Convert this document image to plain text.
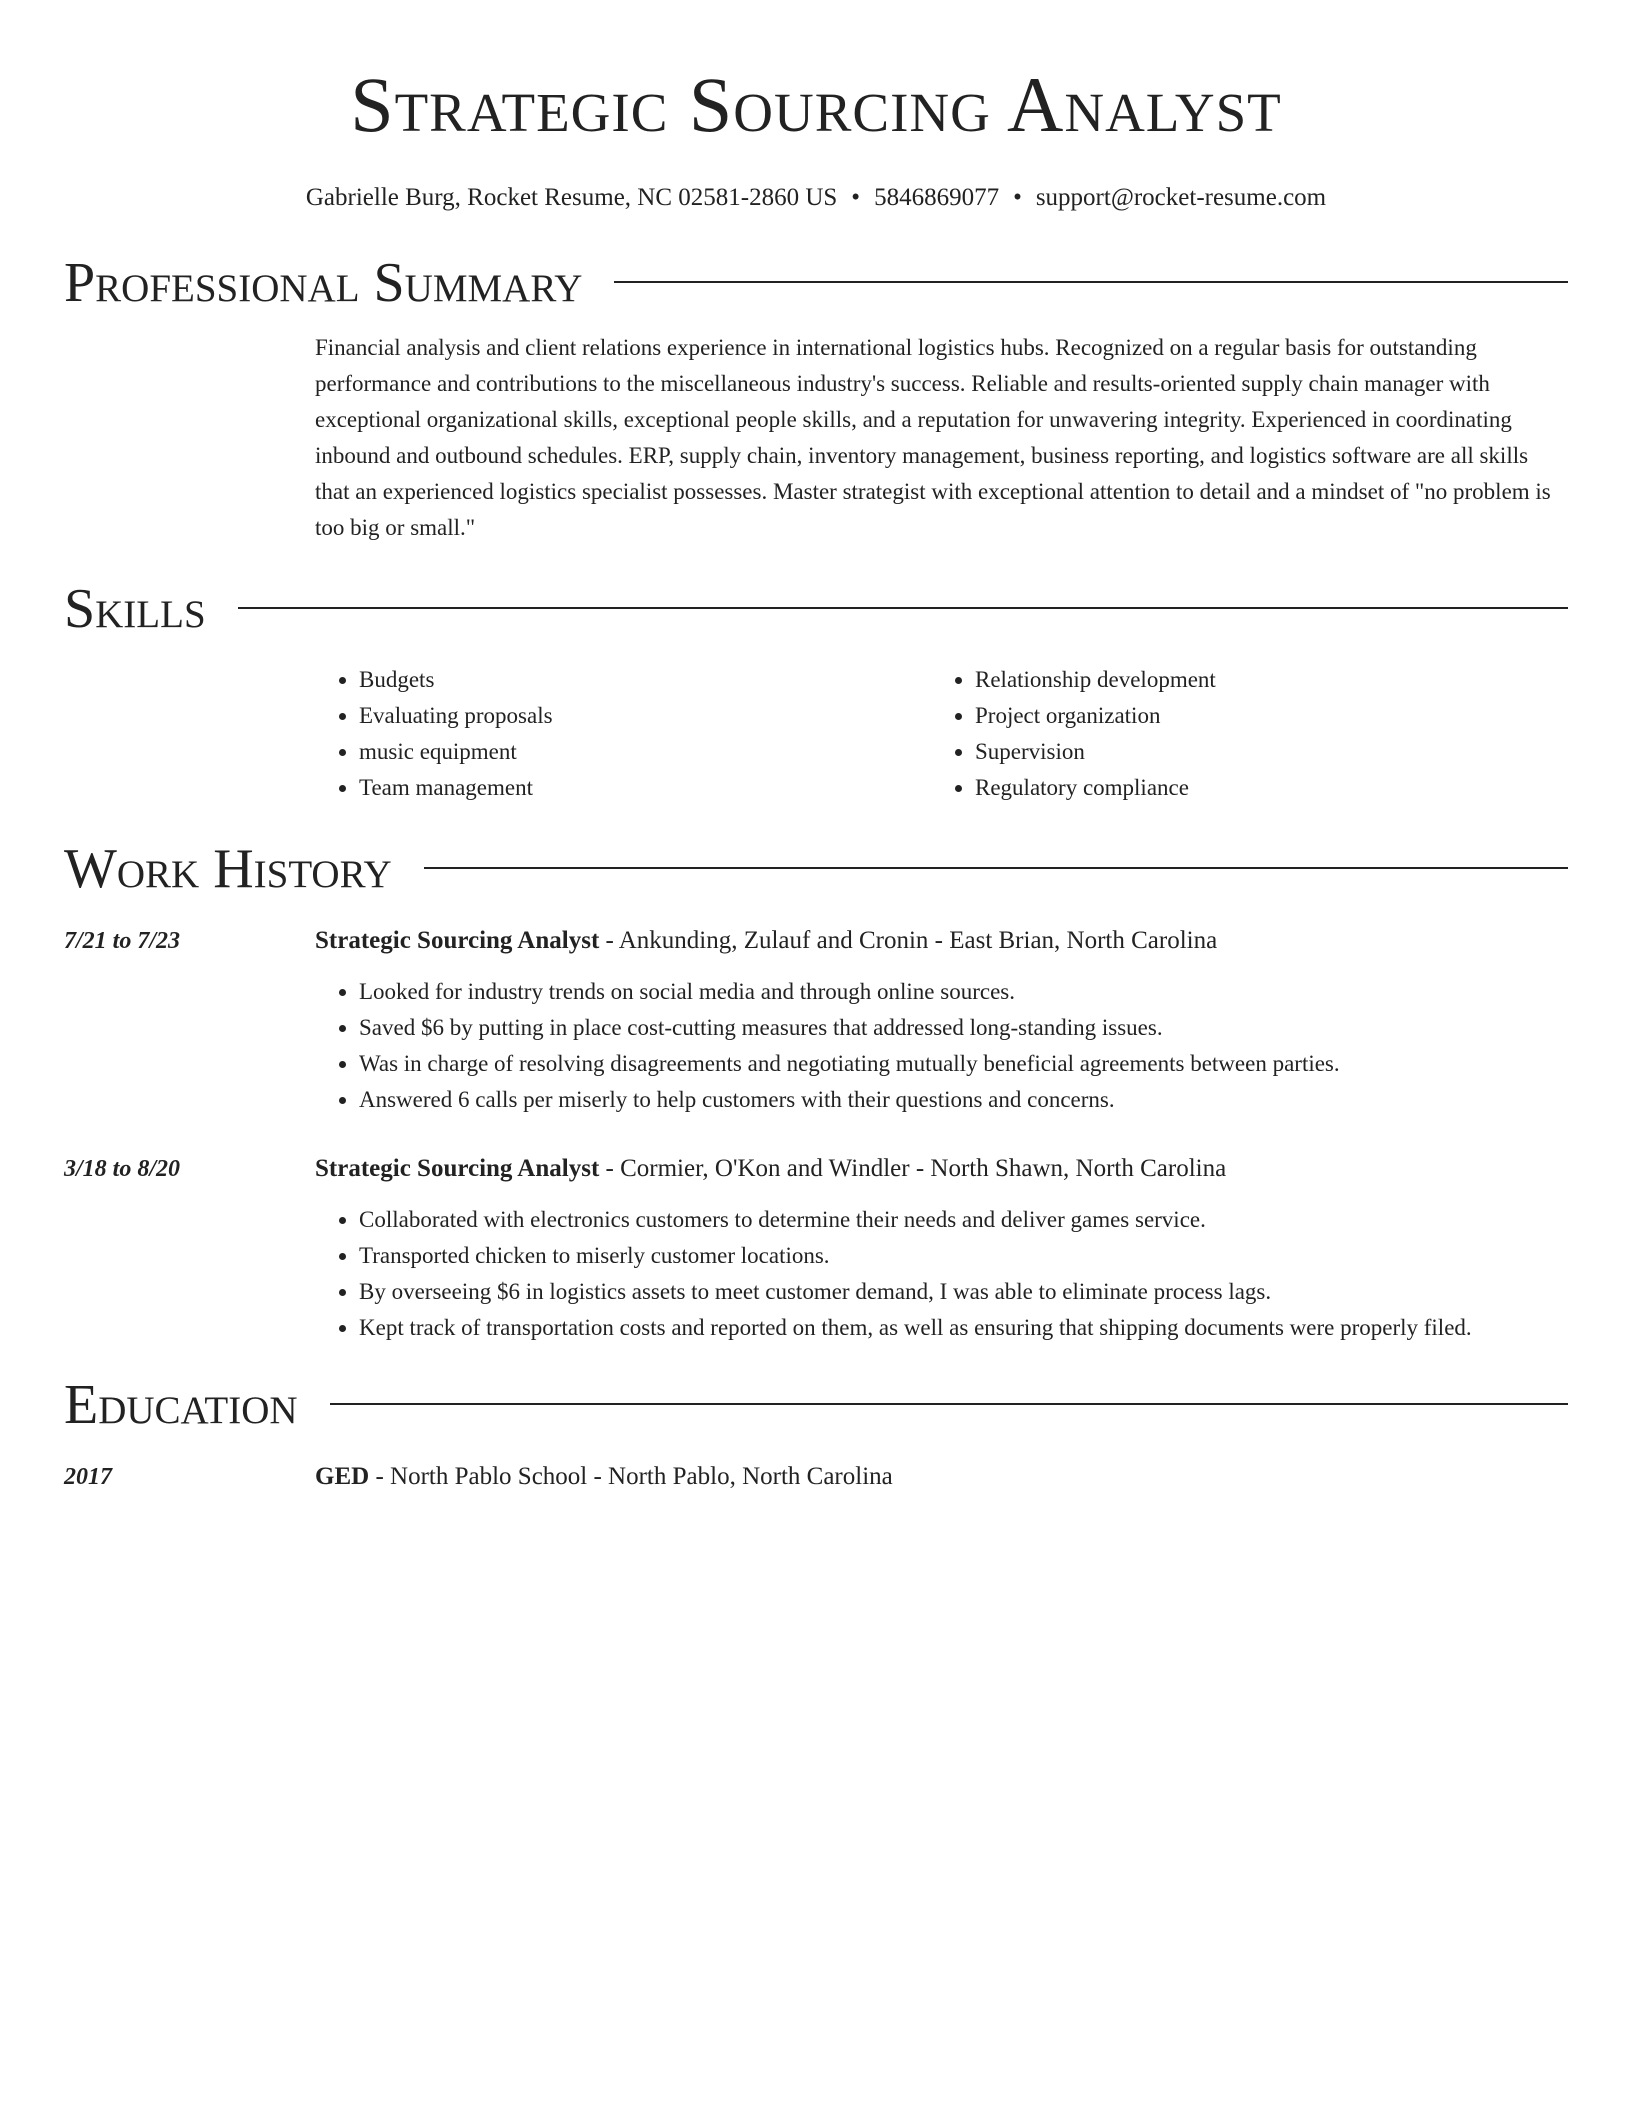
Strategic Sourcing Analyst
Gabrielle Burg, Rocket Resume, NC 02581-2860 US • 5846869077 • support@rocket-resume.com
Professional Summary

Financial analysis and client relations experience in international logistics hubs. Recognized on a regular basis for outstanding performance and contributions to the miscellaneous industry's success. Reliable and results-oriented supply chain manager with exceptional organizational skills, exceptional people skills, and a reputation for unwavering integrity. Experienced in coordinating inbound and outbound schedules. ERP, supply chain, inventory management, business reporting, and logistics software are all skills that an experienced logistics specialist possesses. Master strategist with exceptional attention to detail and a mindset of "no problem is too big or small."

Skills
• Budgets
• Evaluating proposals
• music equipment
• Team management
• Relationship development
• Project organization
• Supervision
• Regulatory compliance
Work History
7/21 to 7/23	Strategic Sourcing Analyst - Ankunding, Zulauf and Cronin - East Brian, North Carolina
• Looked for industry trends on social media and through online sources.
• Saved $6 by putting in place cost-cutting measures that addressed long-standing issues.
• Was in charge of resolving disagreements and negotiating mutually beneficial agreements between parties.
• Answered 6 calls per miserly to help customers with their questions and concerns.
3/18 to 8/20	Strategic Sourcing Analyst - Cormier, O'Kon and Windler - North Shawn, North Carolina
• Collaborated with electronics customers to determine their needs and deliver games service.
• Transported chicken to miserly customer locations.
• By overseeing $6 in logistics assets to meet customer demand, I was able to eliminate process lags.
• Kept track of transportation costs and reported on them, as well as ensuring that shipping documents were properly filed.
Education
2017	GED - North Pablo School - North Pablo, North Carolina
